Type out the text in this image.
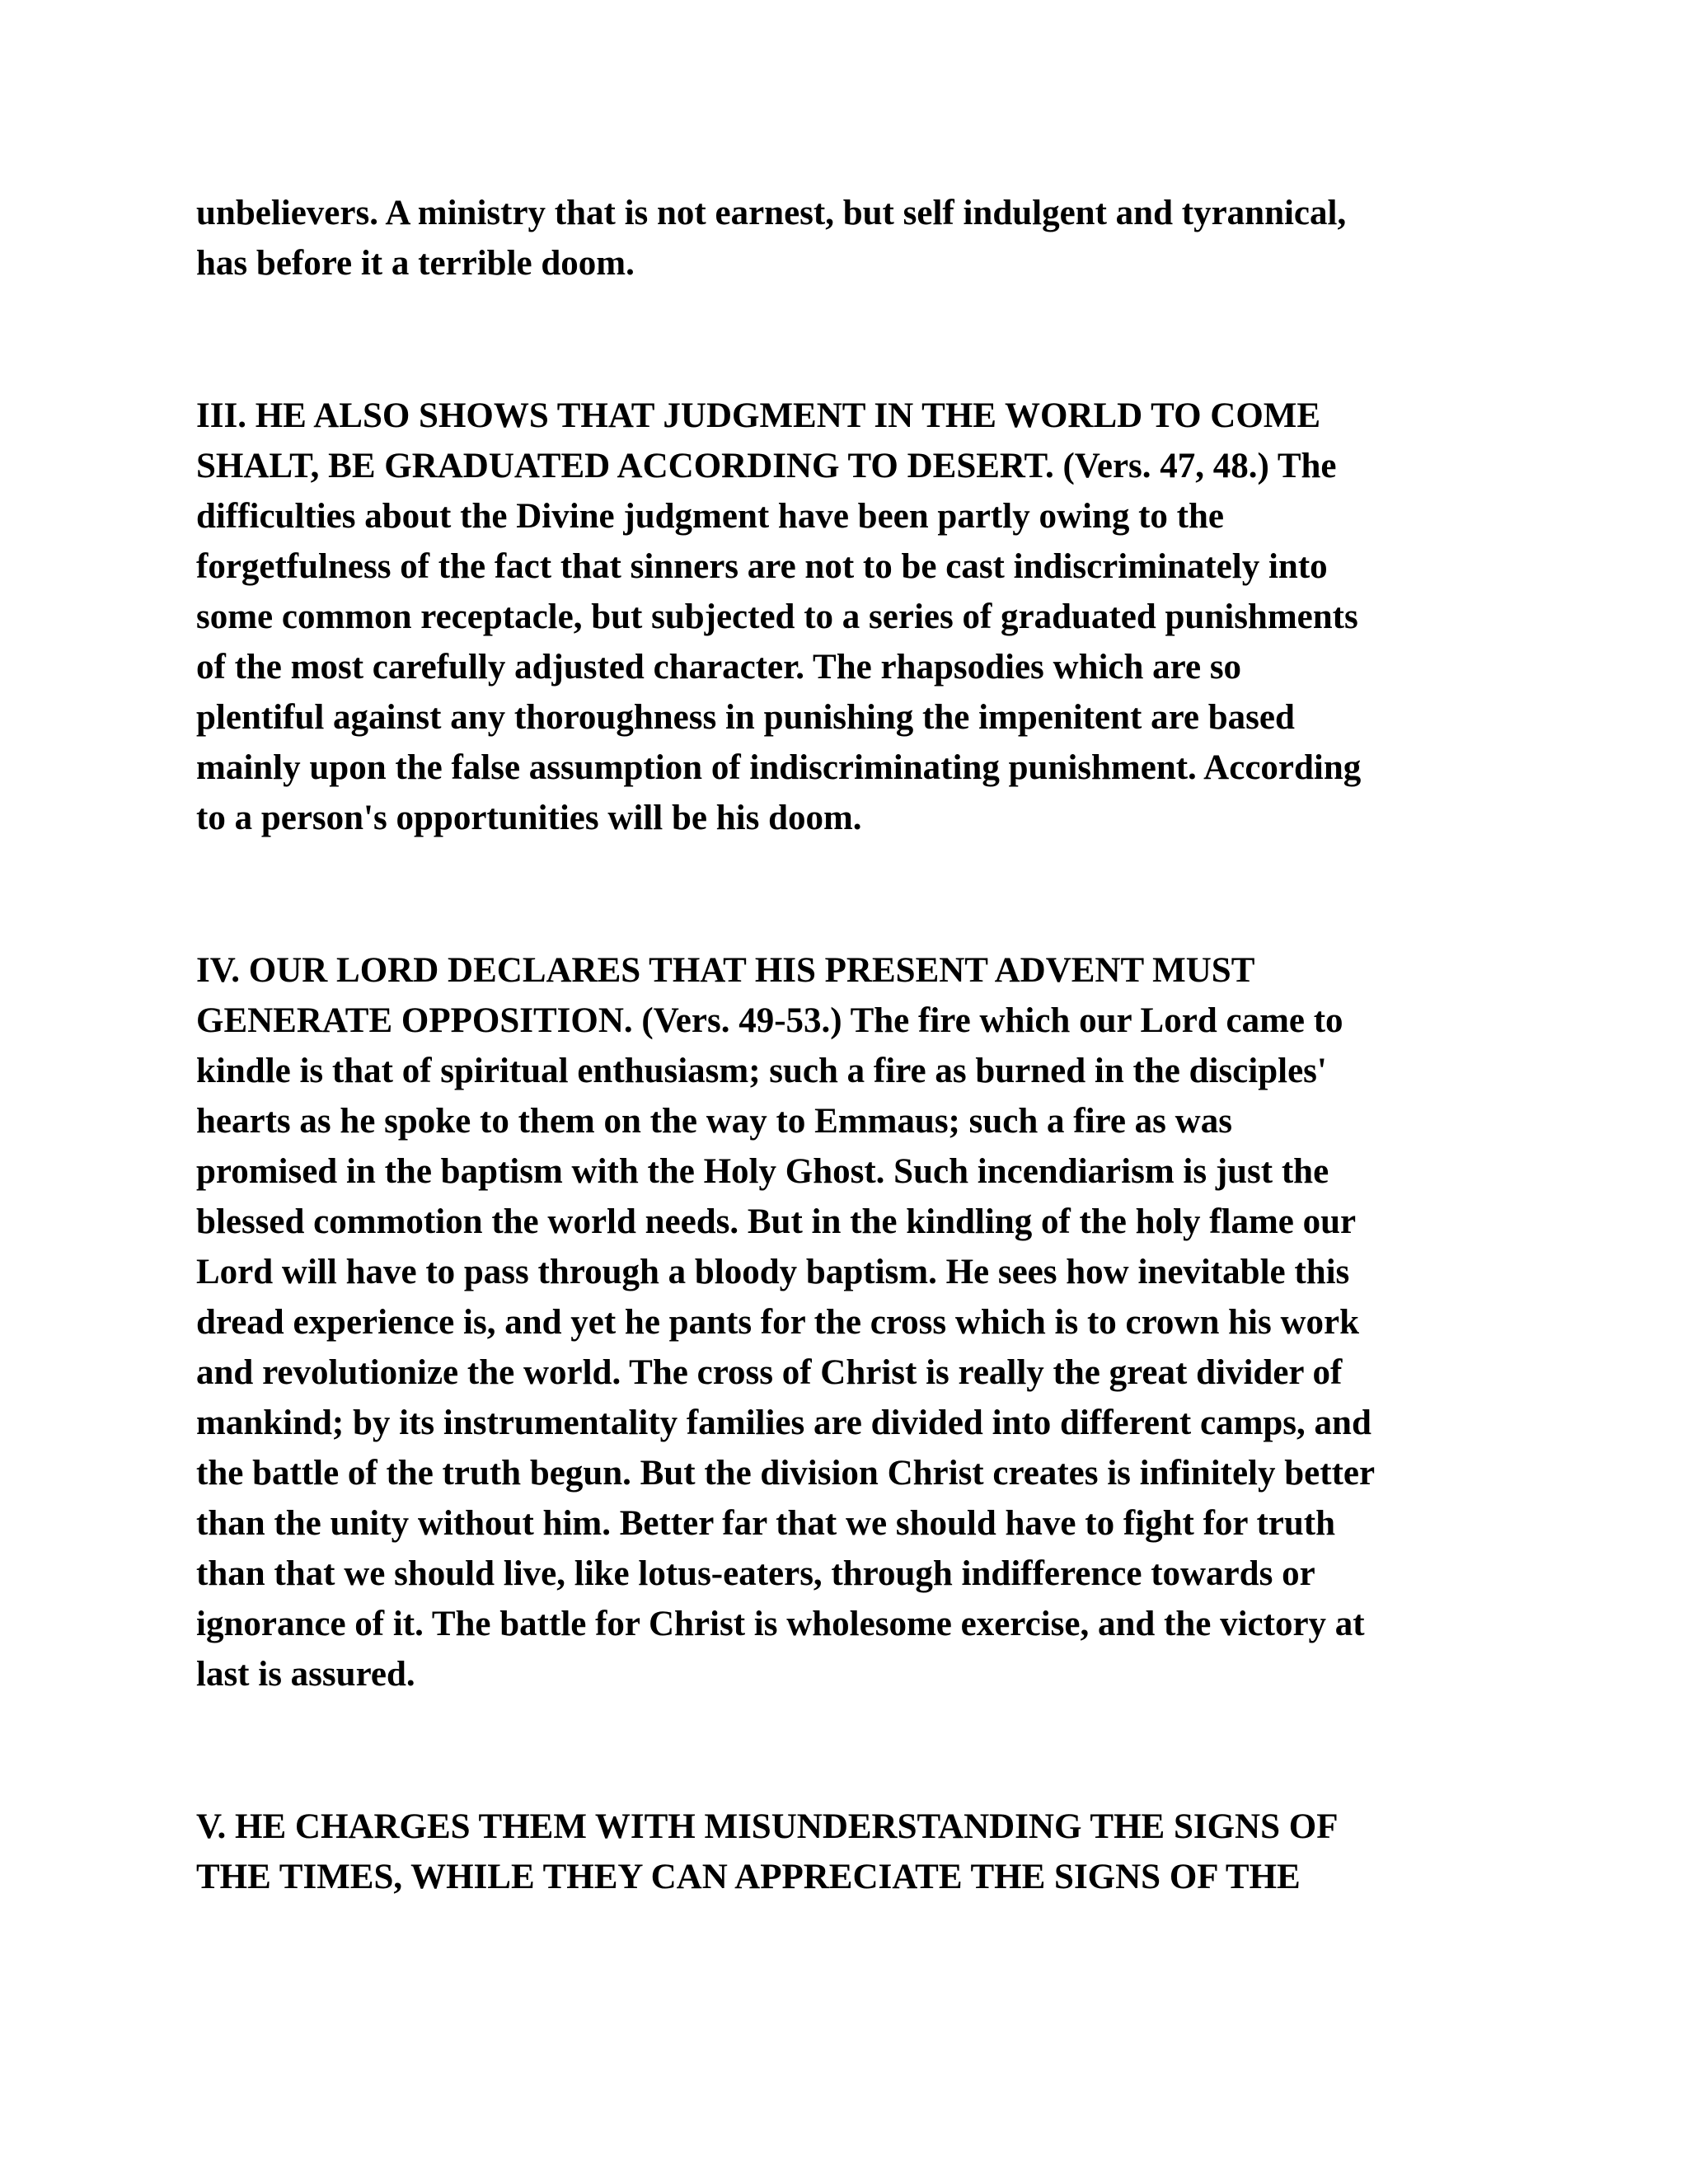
unbelievers. A ministry that is not earnest, but self indulgent and tyrannical,
has before it a terrible doom.
III. HE ALSO SHOWS THAT JUDGMENT IN THE WORLD TO COME
SHALT, BE GRADUATED ACCORDING TO DESERT. (Vers. 47, 48.) The
difficulties about the Divine judgment have been partly owing to the
forgetfulness of the fact that sinners are not to be cast indiscriminately into
some common receptacle, but subjected to a series of graduated punishments
of the most carefully adjusted character. The rhapsodies which are so
plentiful against any thoroughness in punishing the impenitent are based
mainly upon the false assumption of indiscriminating punishment. According
to a person's opportunities will be his doom.
IV. OUR LORD DECLARES THAT HIS PRESENT ADVENT MUST
GENERATE OPPOSITION. (Vers. 49-53.) The fire which our Lord came to
kindle is that of spiritual enthusiasm; such a fire as burned in the disciples'
hearts as he spoke to them on the way to Emmaus; such a fire as was
promised in the baptism with the Holy Ghost. Such incendiarism is just the
blessed commotion the world needs. But in the kindling of the holy flame our
Lord will have to pass through a bloody baptism. He sees how inevitable this
dread experience is, and yet he pants for the cross which is to crown his work
and revolutionize the world. The cross of Christ is really the great divider of
mankind; by its instrumentality families are divided into different camps, and
the battle of the truth begun. But the division Christ creates is infinitely better
than the unity without him. Better far that we should have to fight for truth
than that we should live, like lotus-eaters, through indifference towards or
ignorance of it. The battle for Christ is wholesome exercise, and the victory at
last is assured.
V. HE CHARGES THEM WITH MISUNDERSTANDING THE SIGNS OF
THE TIMES, WHILE THEY CAN APPRECIATE THE SIGNS OF THE
